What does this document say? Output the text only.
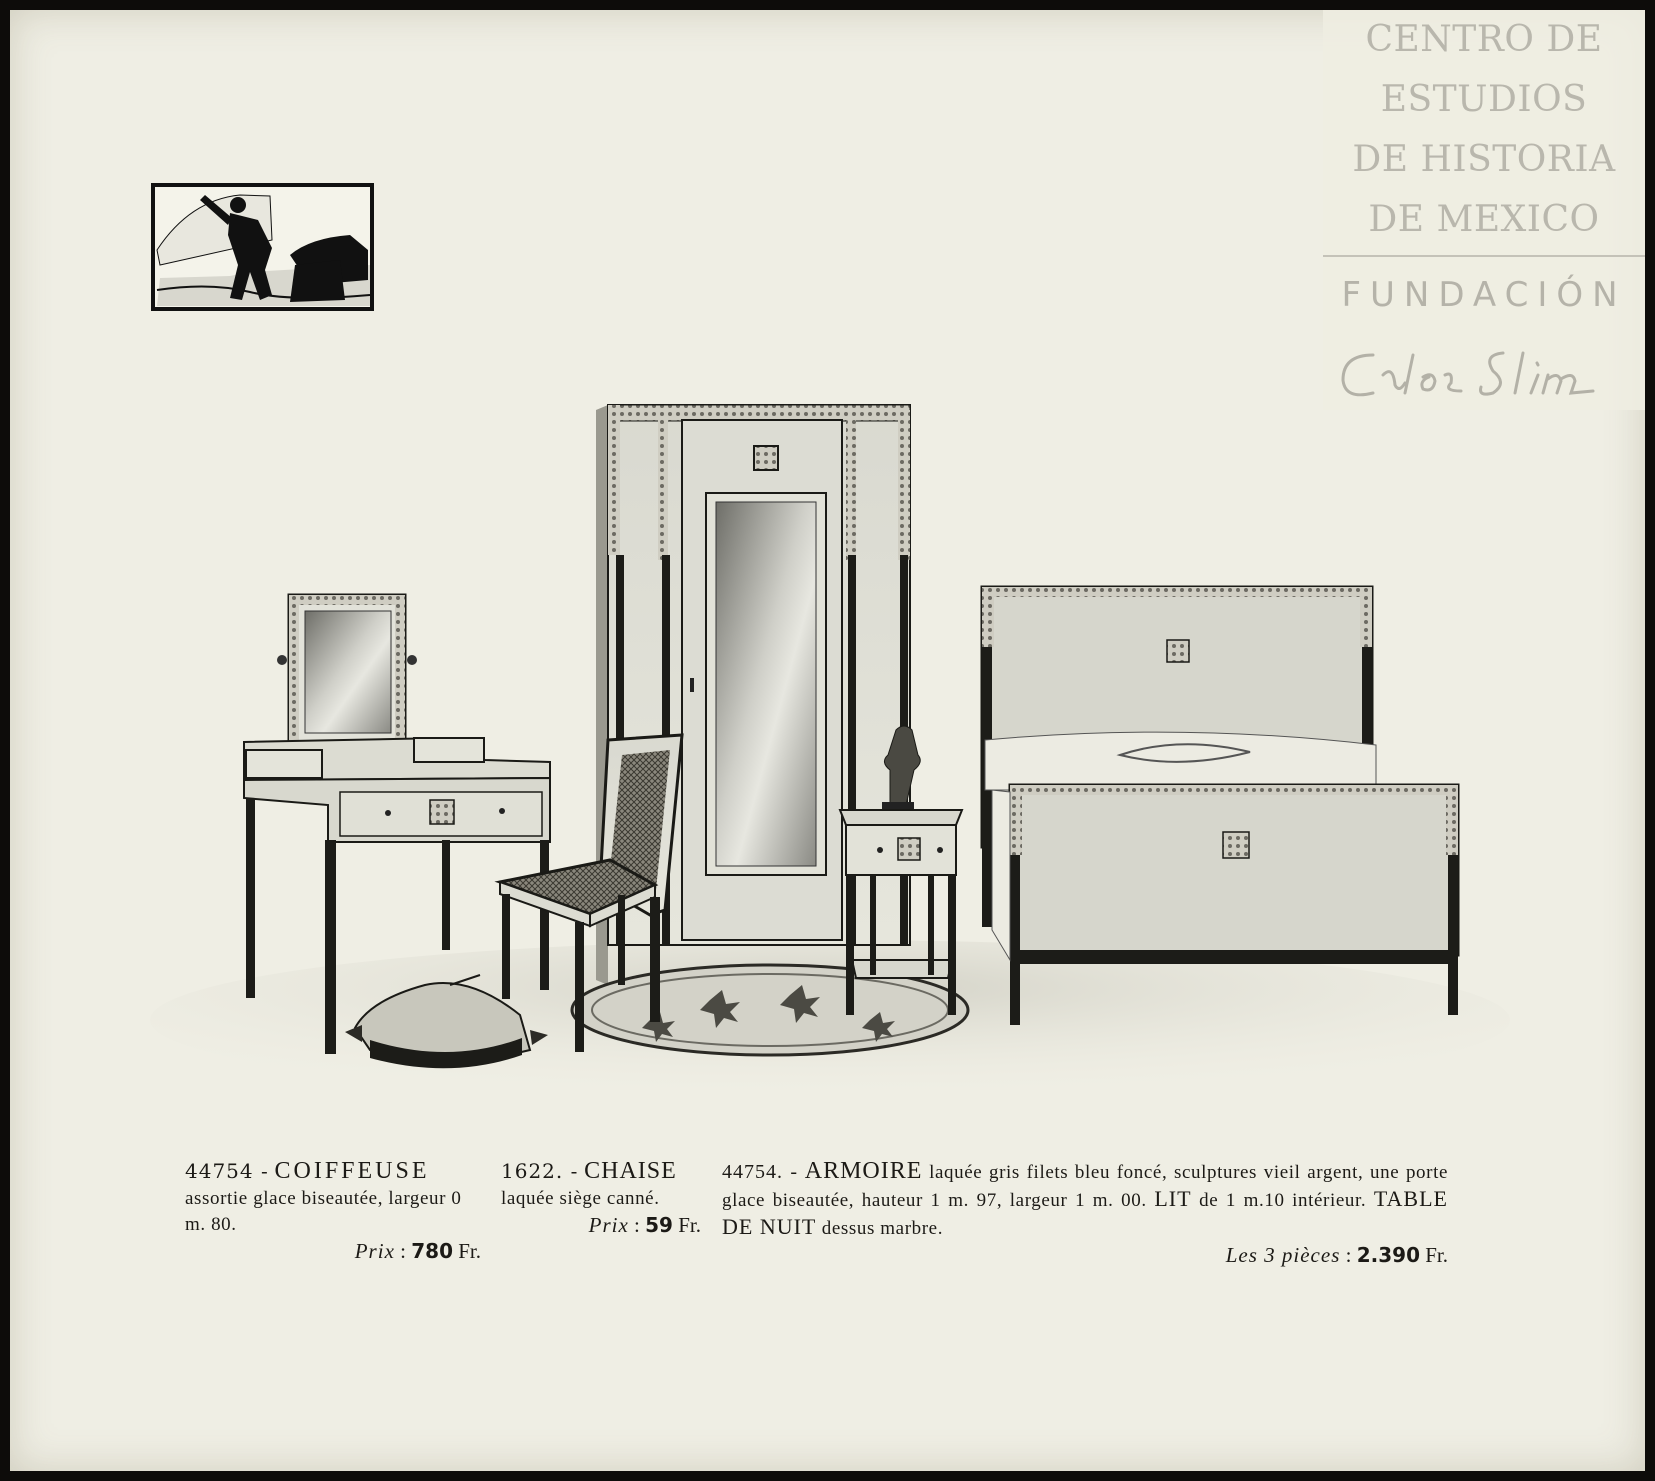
CENTRO DE
ESTUDIOS
DE HISTORIA
DE MEXICO
FUNDACIÓN
44754 - COIFFEUSE
assortie glace biseautée, largeur 0 m. 80.
Prix : 780 Fr.
1622. - CHAISE
laquée siège canné.
Prix : 59 Fr.
44754. - ARMOIRE laquée gris filets bleu foncé, sculptures vieil argent, une porte glace biseautée, hauteur 1 m. 97, largeur 1 m. 00. LIT de 1 m.10 intérieur. TABLE DE NUIT dessus marbre.
Les 3 pièces : 2.390 Fr.
